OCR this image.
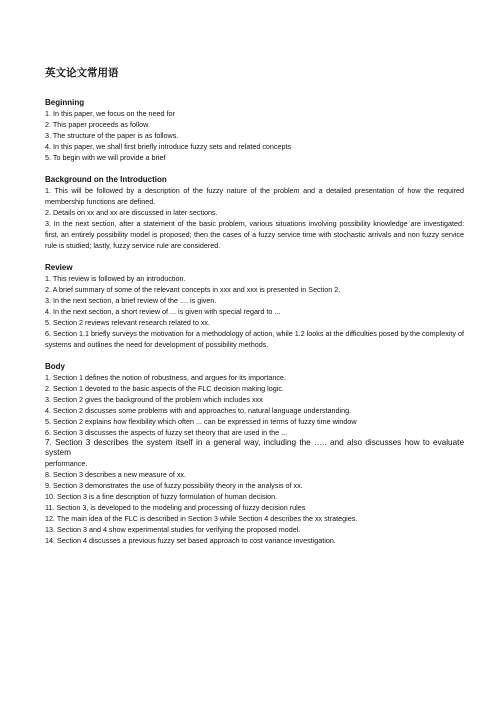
英文论文常用语
Beginning
1. In this paper, we focus on the need for
2. This paper proceeds as follow.
3. The structure of the paper is as follows.
4. In this paper, we shall first briefly introduce fuzzy sets and related concepts
5. To begin with we will provide a brief
Background on the Introduction
1. This will be followed by a description of the fuzzy nature of the problem and a detailed presentation of how the required membership functions are defined.
2. Details on xx and xx are discussed in later sections.
3. In the next section, after a statement of the basic problem, various situations involving possibility knowledge are investigated: first, an entirely possibility model is proposed; then the cases of a fuzzy service time with stochastic arrivals and non fuzzy service rule is studied; lastly, fuzzy service rule are considered.
Review
1. This review is followed by an introduction.
2. A brief summary of some of the relevant concepts in xxx and xxx is presented in Section 2.
3. In the next section, a brief review of the .... is given.
4. In the next section, a short review of ... is given with special regard to ...
5. Section 2 reviews relevant research related to xx.
6. Section 1.1 briefly surveys the motivation for a methodology of action, while 1.2 looks at the difficulties posed by the complexity of systems and outlines the need for development of possibility methods.
Body
1. Section 1 defines the notion of robustness, and argues for its importance.
2. Section 1 devoted to the basic aspects of the FLC decision making logic.
3. Section 2 gives the background of the problem which includes xxx
4. Section 2 discusses some problems with and approaches to, natural language understanding.
5. Section 2 explains how flexibility which often ... can be expressed in terms of fuzzy time window
6. Section 3 discusses the aspects of fuzzy set theory that are used in the ...
7. Section 3 describes the system itself in a general way, including the ….. and also discusses how to evaluate system
performance.
8. Section 3 describes a new measure of xx.
9. Section 3 demonstrates the use of fuzzy possibility theory in the analysis of xx.
10. Section 3 is a fine description of fuzzy formulation of human decision.
11. Section 3, is developed to the modeling and processing of fuzzy decision rules
12. The main idea of the FLC is described in Section 3 while Section 4 describes the xx strategies.
13. Section 3 and 4 show experimental studies for verifying the proposed model.
14. Section 4 discusses a previous fuzzy set based approach to cost variance investigation.
